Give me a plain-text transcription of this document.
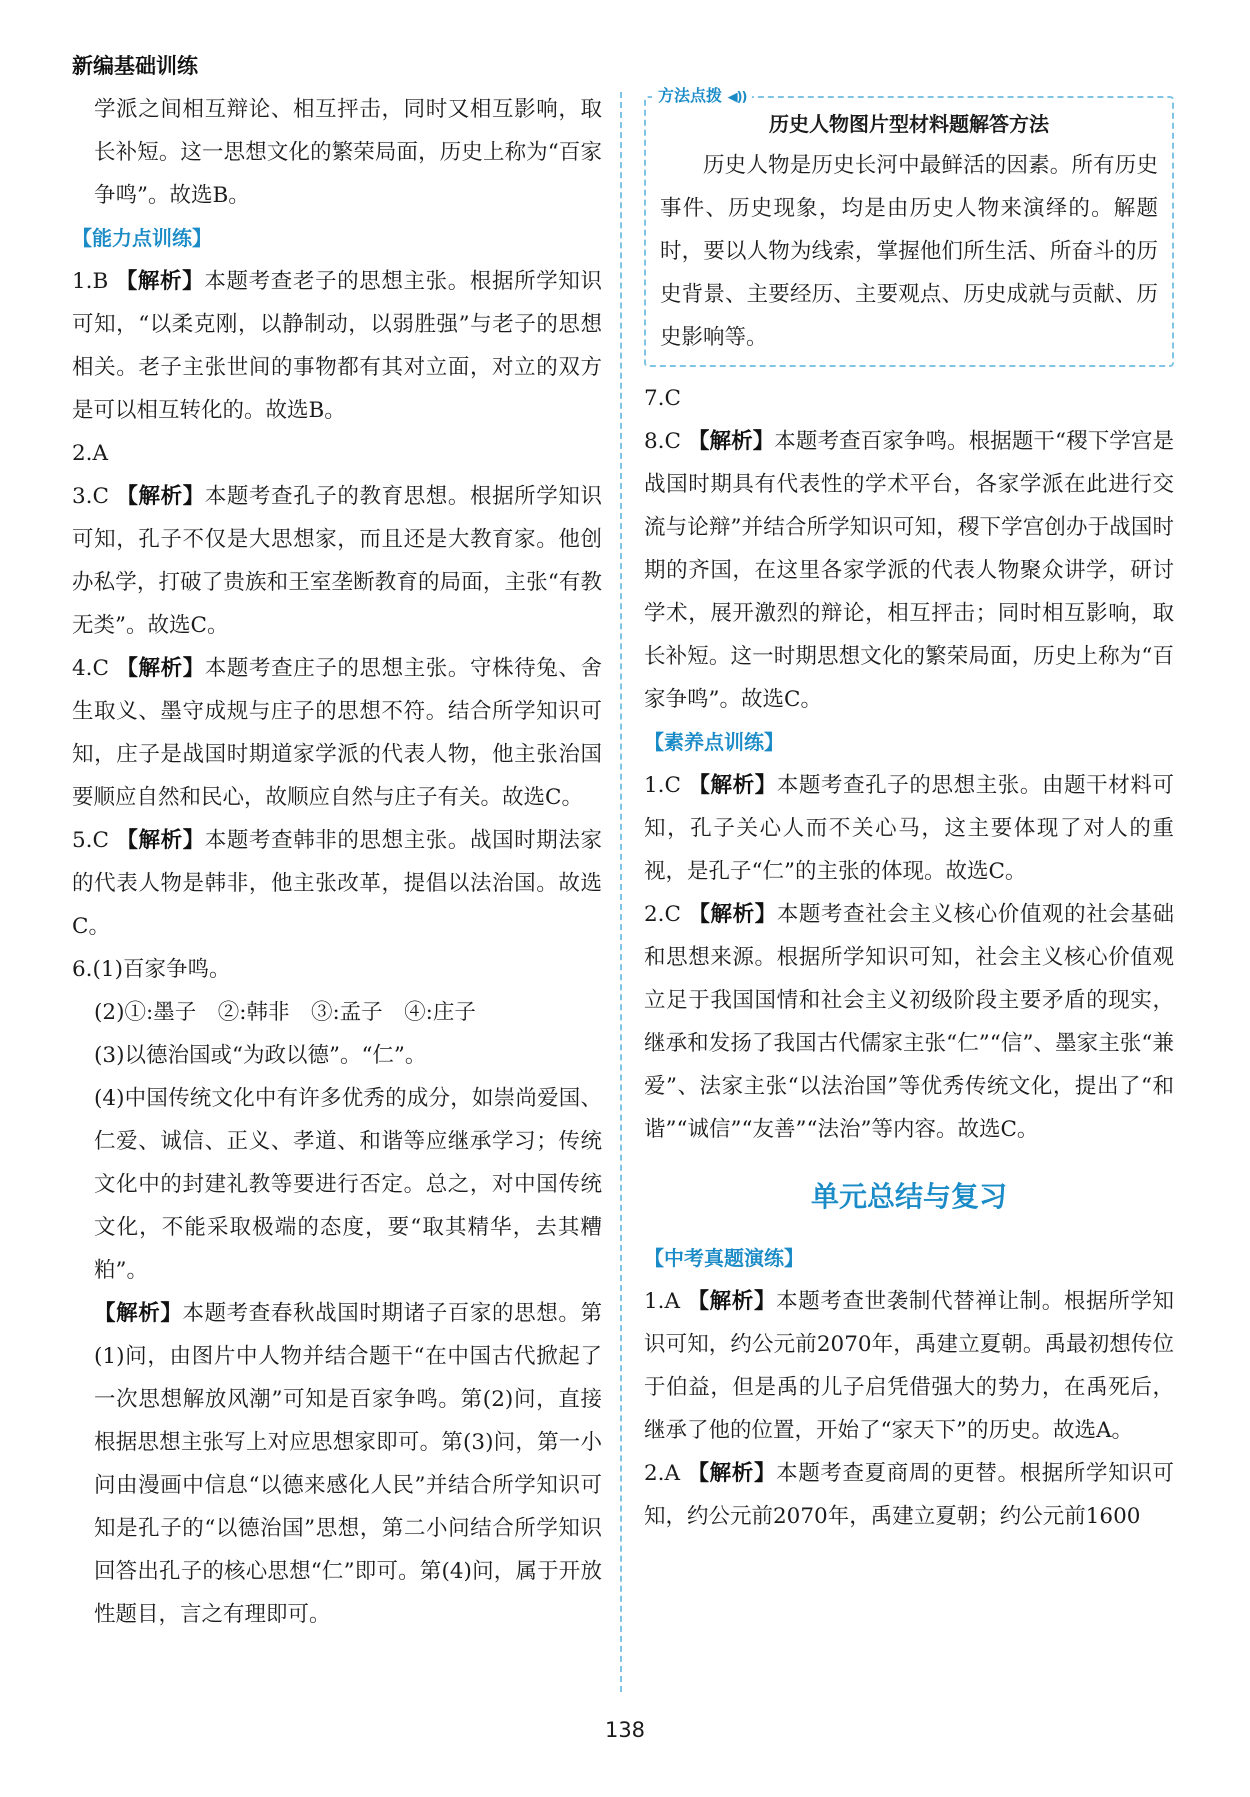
新编基础训练

学派之间相互辩论、相互抨击，同时又相互影响，取长补短。这一思想文化的繁荣局面，历史上称为“百家争鸣”。故选B。

【能力点训练】

1.B 【解析】本题考查老子的思想主张。根据所学知识可知，“以柔克刚，以静制动，以弱胜强”与老子的思想相关。老子主张世间的事物都有其对立面，对立的双方是可以相互转化的。故选B。

2.A

3.C 【解析】本题考查孔子的教育思想。根据所学知识可知，孔子不仅是大思想家，而且还是大教育家。他创办私学，打破了贵族和王室垄断教育的局面，主张“有教无类”。故选C。

4.C 【解析】本题考查庄子的思想主张。守株待兔、舍生取义、墨守成规与庄子的思想不符。结合所学知识可知，庄子是战国时期道家学派的代表人物，他主张治国要顺应自然和民心，故顺应自然与庄子有关。故选C。

5.C 【解析】本题考查韩非的思想主张。战国时期法家的代表人物是韩非，他主张改革，提倡以法治国。故选C。

6.(1)百家争鸣。

(2)①:墨子　②:韩非　③:孟子　④:庄子

(3)以德治国或“为政以德”。“仁”。

(4)中国传统文化中有许多优秀的成分，如崇尚爱国、仁爱、诚信、正义、孝道、和谐等应继承学习；传统文化中的封建礼教等要进行否定。总之，对中国传统文化，不能采取极端的态度，要“取其精华，去其糟粕”。

【解析】本题考查春秋战国时期诸子百家的思想。第(1)问，由图片中人物并结合题干“在中国古代掀起了一次思想解放风潮”可知是百家争鸣。第(2)问，直接根据思想主张写上对应思想家即可。第(3)问，第一小问由漫画中信息“以德来感化人民”并结合所学知识可知是孔子的“以德治国”思想，第二小问结合所学知识回答出孔子的核心思想“仁”即可。第(4)问，属于开放性题目，言之有理即可。

方法点拨 ◀))
历史人物图片型材料题解答方法

历史人物是历史长河中最鲜活的因素。所有历史事件、历史现象，均是由历史人物来演绎的。解题时，要以人物为线索，掌握他们所生活、所奋斗的历史背景、主要经历、主要观点、历史成就与贡献、历史影响等。

7.C

8.C 【解析】本题考查百家争鸣。根据题干“稷下学宫是战国时期具有代表性的学术平台，各家学派在此进行交流与论辩”并结合所学知识可知，稷下学宫创办于战国时期的齐国，在这里各家学派的代表人物聚众讲学，研讨学术，展开激烈的辩论，相互抨击；同时相互影响，取长补短。这一时期思想文化的繁荣局面，历史上称为“百家争鸣”。故选C。

【素养点训练】

1.C 【解析】本题考查孔子的思想主张。由题干材料可知，孔子关心人而不关心马，这主要体现了对人的重视，是孔子“仁”的主张的体现。故选C。

2.C 【解析】本题考查社会主义核心价值观的社会基础和思想来源。根据所学知识可知，社会主义核心价值观立足于我国国情和社会主义初级阶段主要矛盾的现实，继承和发扬了我国古代儒家主张“仁”“信”、墨家主张“兼爱”、法家主张“以法治国”等优秀传统文化，提出了“和谐”“诚信”“友善”“法治”等内容。故选C。

单元总结与复习
【中考真题演练】

1.A 【解析】本题考查世袭制代替禅让制。根据所学知识可知，约公元前2070年，禹建立夏朝。禹最初想传位于伯益，但是禹的儿子启凭借强大的势力，在禹死后，继承了他的位置，开始了“家天下”的历史。故选A。

2.A 【解析】本题考查夏商周的更替。根据所学知识可知，约公元前2070年，禹建立夏朝；约公元前1600

138
